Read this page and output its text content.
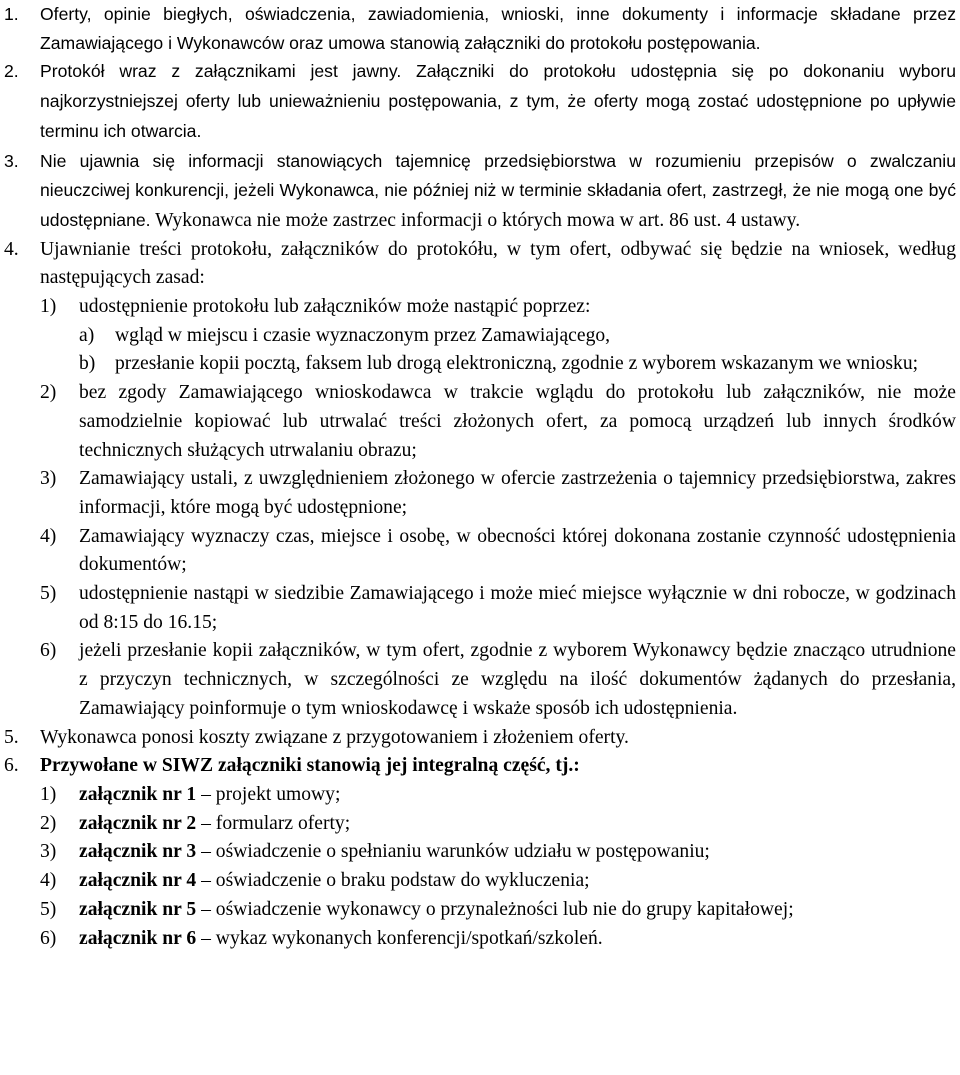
1. Oferty, opinie biegłych, oświadczenia, zawiadomienia, wnioski, inne dokumenty i informacje składane przez Zamawiającego i Wykonawców oraz umowa stanowią załączniki do protokołu postępowania.

2. Protokół wraz z załącznikami jest jawny. Załączniki do protokołu udostępnia się po dokonaniu wyboru najkorzystniejszej oferty lub unieważnieniu postępowania, z tym, że oferty mogą zostać udostępnione po upływie terminu ich otwarcia.

3. Nie ujawnia się informacji stanowiących tajemnicę przedsiębiorstwa w rozumieniu przepisów o zwalczaniu nieuczciwej konkurencji, jeżeli Wykonawca, nie później niż w terminie składania ofert, zastrzegł, że nie mogą one być udostępniane. Wykonawca nie może zastrzec informacji o których mowa w art. 86 ust. 4 ustawy.

4. Ujawnianie treści protokołu, załączników do protokółu, w tym ofert, odbywać się będzie na wniosek, według następujących zasad:

1) udostępnienie protokołu lub załączników może nastąpić poprzez:

a) wgląd w miejscu i czasie wyznaczonym przez Zamawiającego,

b) przesłanie kopii pocztą, faksem lub drogą elektroniczną, zgodnie z wyborem wskazanym we wniosku;

2) bez zgody Zamawiającego wnioskodawca w trakcie wglądu do protokołu lub załączników, nie może samodzielnie kopiować lub utrwalać treści złożonych ofert, za pomocą urządzeń lub innych środków technicznych służących utrwalaniu obrazu;

3) Zamawiający ustali, z uwzględnieniem złożonego w ofercie zastrzeżenia o tajemnicy przedsiębiorstwa, zakres informacji, które mogą być udostępnione;

4) Zamawiający wyznaczy czas, miejsce i osobę, w obecności której dokonana zostanie czynność udostępnienia dokumentów;

5) udostępnienie nastąpi w siedzibie Zamawiającego i może mieć miejsce wyłącznie w dni robocze, w godzinach od 8:15 do 16.15;

6) jeżeli przesłanie kopii załączników, w tym ofert, zgodnie z wyborem Wykonawcy będzie znacząco utrudnione z przyczyn technicznych, w szczególności ze względu na ilość dokumentów żądanych do przesłania, Zamawiający poinformuje o tym wnioskodawcę i wskaże sposób ich udostępnienia.

5. Wykonawca ponosi koszty związane z przygotowaniem i złożeniem oferty.

6. Przywołane w SIWZ załączniki stanowią jej integralną część, tj.:

1) załącznik nr 1 – projekt umowy;

2) załącznik nr 2 – formularz oferty;

3) załącznik nr 3 – oświadczenie o spełnianiu warunków udziału w postępowaniu;

4) załącznik nr 4 – oświadczenie o braku podstaw do wykluczenia;

5) załącznik nr 5 – oświadczenie wykonawcy o przynależności lub nie do grupy kapitałowej;

6) załącznik nr 6 – wykaz wykonanych konferencji/spotkań/szkoleń.
